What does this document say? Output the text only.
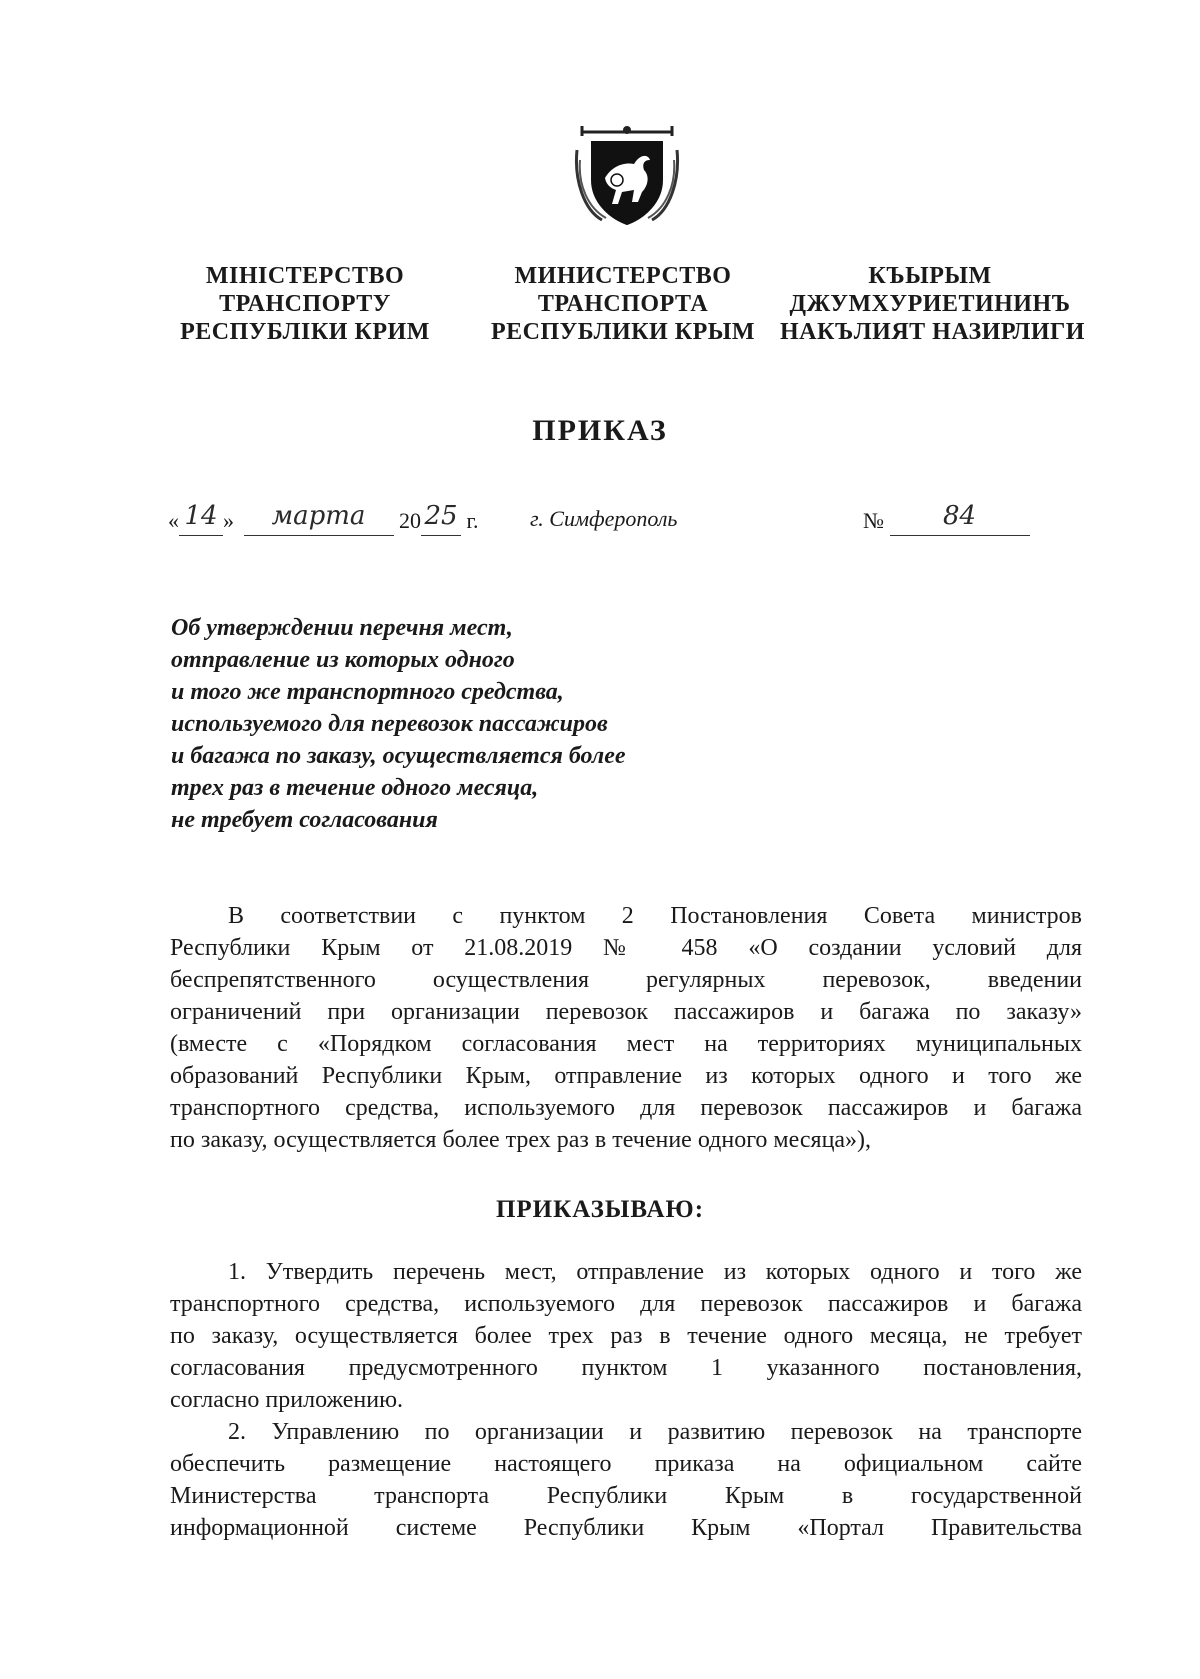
МІНІСТЕРСТВО
ТРАНСПОРТУ
РЕСПУБЛІКИ КРИМ
МИНИСТЕРСТВО
ТРАНСПОРТА
РЕСПУБЛИКИ КРЫМ
КЪЫРЫМ
ДЖУМХУРИЕТИНИНЪ
НАКЪЛИЯТ НАЗИРЛИГИ
ПРИКАЗ
« 14 » марта 20 25 г. г. Симферополь	№ 84
Об утверждении перечня мест,
отправление из которых одного
и того же транспортного средства,
используемого для перевозок пассажиров
и багажа по заказу, осуществляется более
трех раз в течение одного месяца,
не требует согласования
В соответствии с пунктом 2 Постановления Совета министров
Республики Крым от 21.08.2019 № 458 «О создании условий для
беспрепятственного осуществления регулярных перевозок, введении
ограничений при организации перевозок пассажиров и багажа по заказу»
(вместе с «Порядком согласования мест на территориях муниципальных
образований Республики Крым, отправление из которых одного и того же
транспортного средства, используемого для перевозок пассажиров и багажа
по заказу, осуществляется более трех раз в течение одного месяца»),
ПРИКАЗЫВАЮ:
1. Утвердить перечень мест, отправление из которых одного и того же
транспортного средства, используемого для перевозок пассажиров и багажа
по заказу, осуществляется более трех раз в течение одного месяца, не требует
согласования предусмотренного пунктом 1 указанного постановления,
согласно приложению.
2. Управлению по организации и развитию перевозок на транспорте
обеспечить размещение настоящего приказа на официальном сайте
Министерства транспорта Республики Крым в государственной
информационной системе Республики Крым «Портал Правительства
